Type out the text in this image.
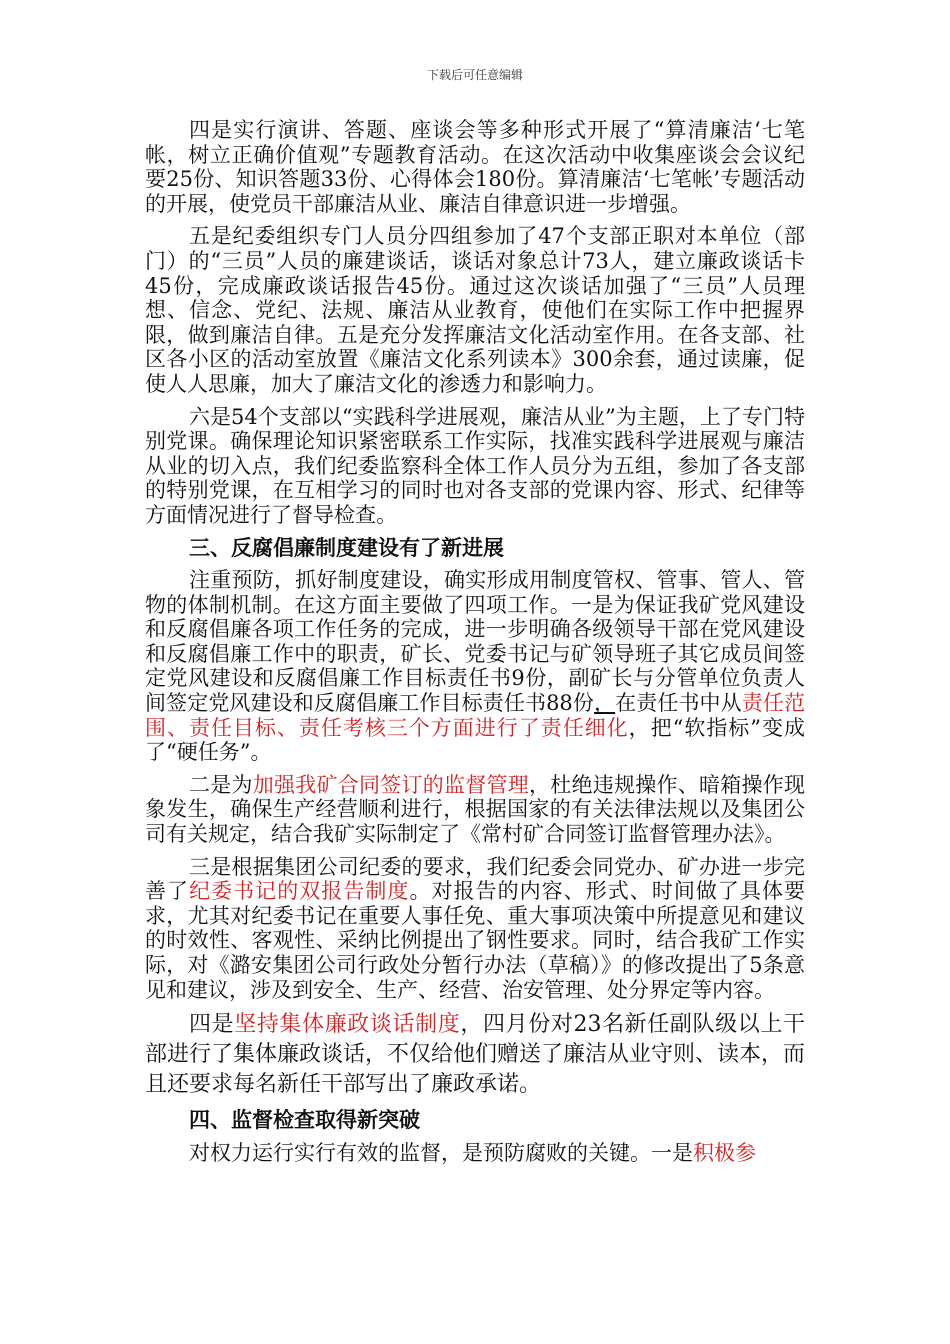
下载后可任意编辑

四是实行演讲、答题、座谈会等多种形式开展了“算清廉洁‘七笔帐，树立正确价值观”专题教育活动。在这次活动中收集座谈会会议纪要25份、知识答题33份、心得体会180份。算清廉洁‘七笔帐’专题活动的开展，使党员干部廉洁从业、廉洁自律意识进一步增强。

五是纪委组织专门人员分四组参加了47个支部正职对本单位（部门）的“三员”人员的廉建谈话，谈话对象总计73人，建立廉政谈话卡45份，完成廉政谈话报告45份。通过这次谈话加强了“三员”人员理想、信念、党纪、法规、廉洁从业教育，使他们在实际工作中把握界限，做到廉洁自律。五是充分发挥廉洁文化活动室作用。在各支部、社区各小区的活动室放置《廉洁文化系列读本》300余套，通过读廉，促使人人思廉，加大了廉洁文化的渗透力和影响力。

六是54个支部以“实践科学进展观，廉洁从业”为主题，上了专门特别党课。确保理论知识紧密联系工作实际，找准实践科学进展观与廉洁从业的切入点，我们纪委监察科全体工作人员分为五组，参加了各支部的特别党课，在互相学习的同时也对各支部的党课内容、形式、纪律等方面情况进行了督导检查。

三、反腐倡廉制度建设有了新进展

注重预防，抓好制度建设，确实形成用制度管权、管事、管人、管物的体制机制。在这方面主要做了四项工作。一是为保证我矿党风建设和反腐倡廉各项工作任务的完成，进一步明确各级领导干部在党风建设和反腐倡廉工作中的职责，矿长、党委书记与矿领导班子其它成员间签定党风建设和反腐倡廉工作目标责任书9份，副矿长与分管单位负责人间签定党风建设和反腐倡廉工作目标责任书88份，在责任书中从责任范围、责任目标、责任考核三个方面进行了责任细化，把“软指标”变成了“硬任务”。

二是为加强我矿合同签订的监督管理，杜绝违规操作、暗箱操作现象发生，确保生产经营顺利进行，根据国家的有关法律法规以及集团公司有关规定，结合我矿实际制定了《常村矿合同签订监督管理办法》。

三是根据集团公司纪委的要求，我们纪委会同党办、矿办进一步完善了纪委书记的双报告制度。对报告的内容、形式、时间做了具体要求，尤其对纪委书记在重要人事任免、重大事项决策中所提意见和建议的时效性、客观性、采纳比例提出了钢性要求。同时，结合我矿工作实际，对《潞安集团公司行政处分暂行办法（草稿）》的修改提出了5条意见和建议，涉及到安全、生产、经营、治安管理、处分界定等内容。

四是坚持集体廉政谈话制度，四月份对23名新任副队级以上干部进行了集体廉政谈话，不仅给他们赠送了廉洁从业守则、读本，而且还要求每名新任干部写出了廉政承诺。

四、监督检查取得新突破

对权力运行实行有效的监督，是预防腐败的关键。一是积极参
